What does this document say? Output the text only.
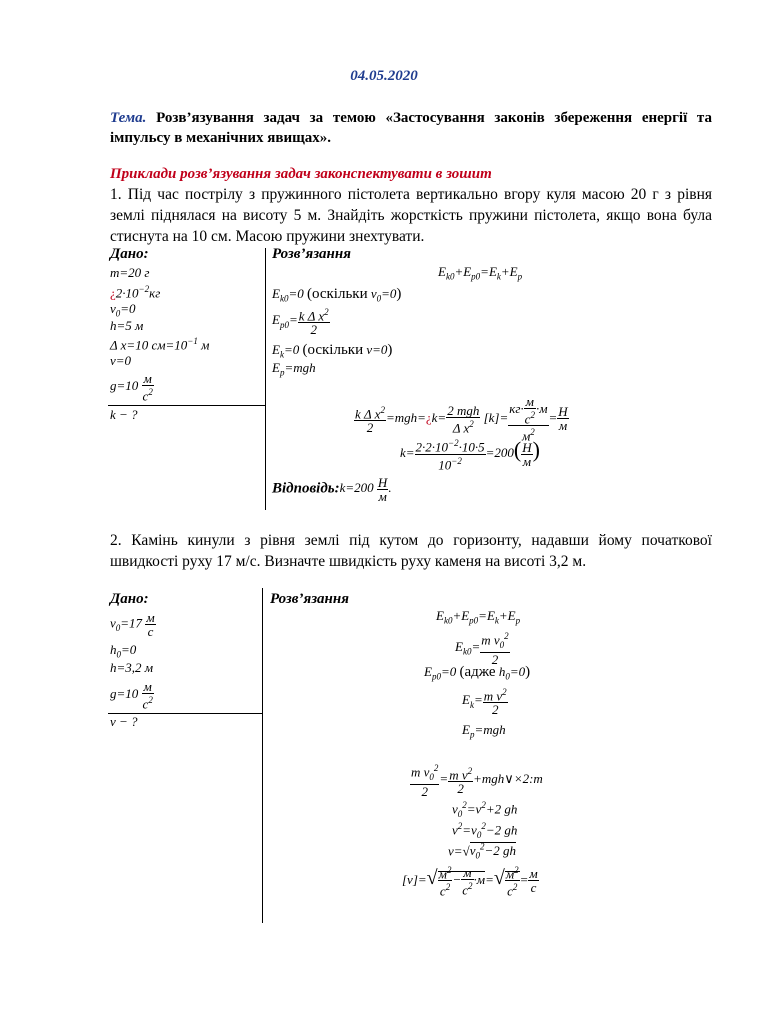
04.05.2020
Тема. Розв’язування задач за темою «Застосування законів збереження енергії та імпульсу в механічних явищах».
Приклади розв’язування задач законспектувати в зошит
1. Під час пострілу з пружинного пістолета вертикально вгору куля масою 20 г з рівня землі піднялася на висоту 5 м. Знайдіть жорсткість пружини пістолета, якщо вона була стиснута на 10 см. Масою пружини знехтувати.
Дано:	Розв’язання
m=20 г
¿$2\cdot 10^{-2}кг$
$v_0=0$
h=5 м
Δ x=10 $см=10^{-1}$ м
v=0
$g=10 \frac{м}{с^2}$
k − ?
$E_{k0}+E_{p0}=E_k+E_p$
$E_{k0}=0$ (оскільки $v_0=0$)
$E_{p0}= \frac{k \Delta x^2}{2}$
$E_k=0$ (оскільки v=0)
$E_p=mgh$
$\frac{k \Delta x^2}{2}$ =mgh=¿k= $\frac{\text{2 mgh}}{\Delta x^2} [k]= \frac{кг\cdot \frac{м}{с^2} \cdot м}{м^2} = \frac{Н}{м}$
$k= \frac{2\cdot 2\cdot 10^{-2}\cdot 10\cdot 5}{10^{-2}} =200( \frac{Н}{м}$ )
Відповідь:k=200 $\frac{Н}{м}$ .
2. Камінь кинули з рівня землі під кутом до горизонту, надавши йому початкової швидкості руху 17 м/с. Визначте швидкість руху каменя на висоті 3,2 м.
Дано:	Розв’язання
$v_0=17 \frac{м}{с}$
$h_0=0$
h=3,2 м
$g=10 \frac{м}{с^2}$
v − ?
$E_{k0}+E_{p0}=E_k+E_p$
$E_{k0}= \frac{m v_0^2}{2}$
$E_{p0}=0$ (адже $h_0=0$)
$E_k= \frac{m v^2}{2}$
$E_p=mgh$
$\frac{m v_0^2}{2} = \frac{m v^2}{2}$ +mgh∨×2:m
$v_0^2=v^2+2$ gh
$v^2=v_0^2-2$ gh
$v=√v_0^2-2$ gh
$[v]=√ \frac{м^2}{с^2} - \frac{м}{с^2} \cdot м=√ \frac{м^2}{с^2} = \frac{м}{с}$
